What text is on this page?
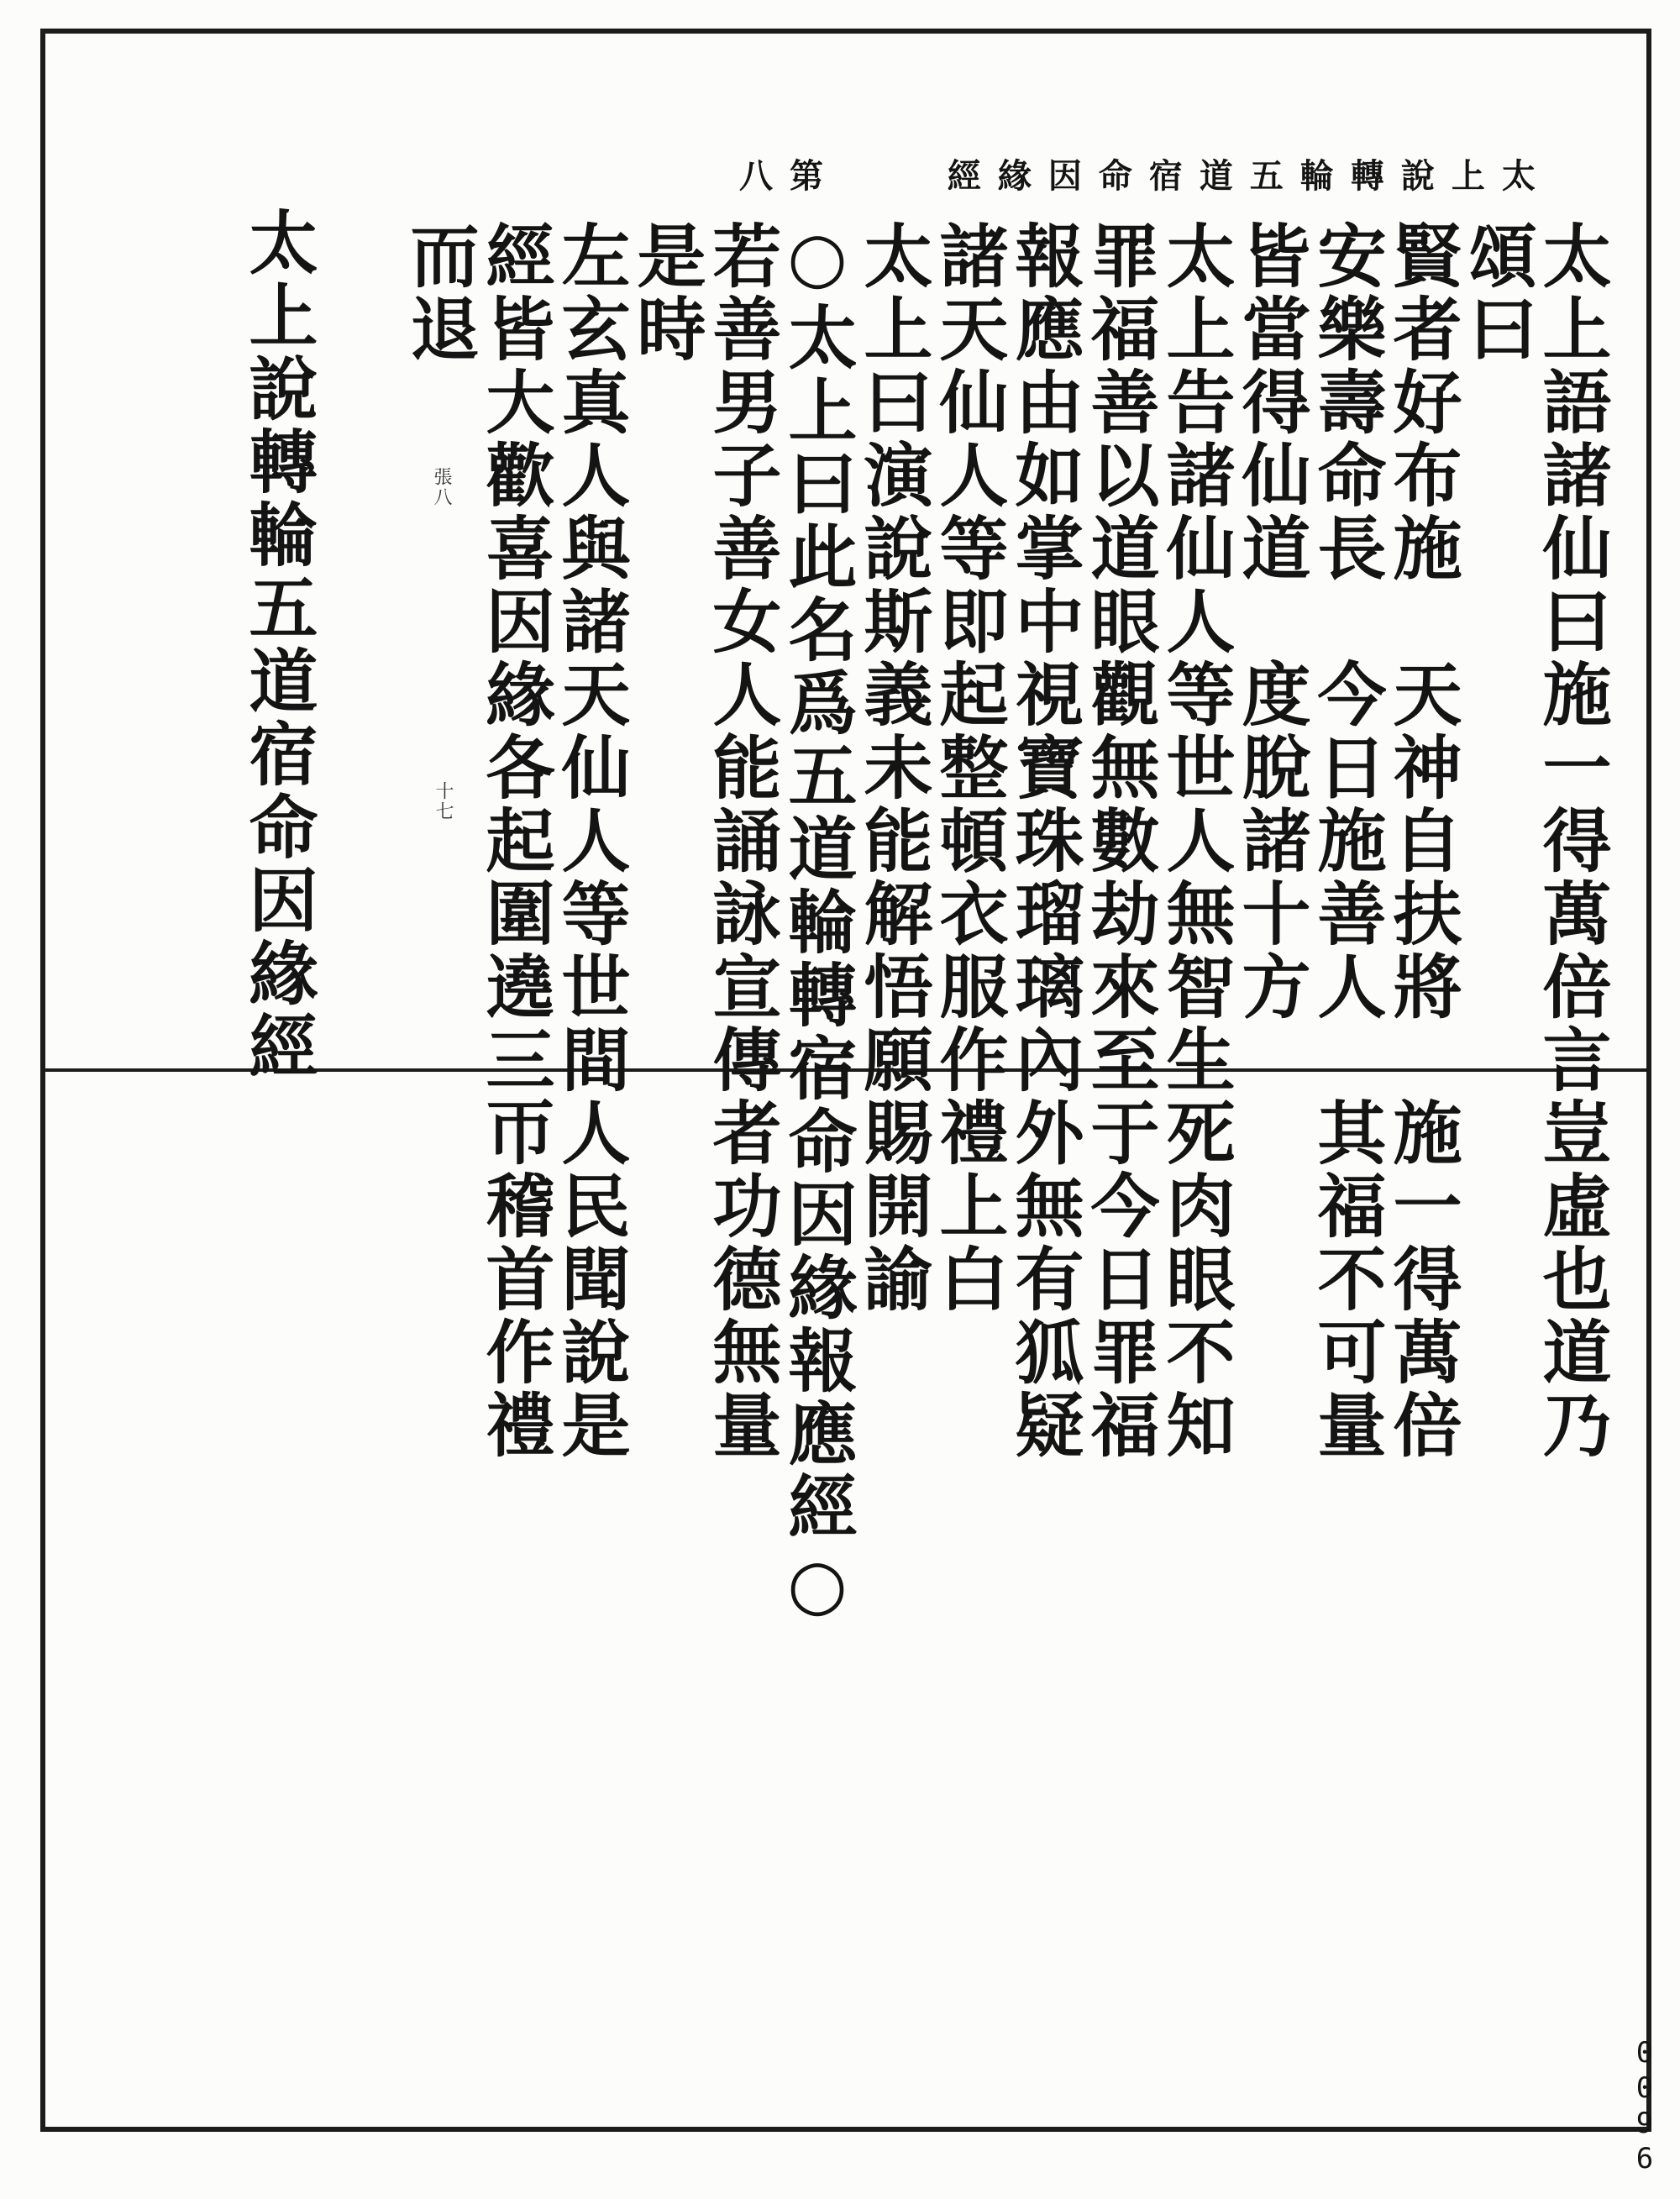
太上說轉輪五道宿命因緣經  第八
太上語諸仙曰施一得萬倍言豈虛也道乃
頌曰
賢者好布施　天神自扶將　施一得萬倍
安樂壽命長　今日施善人　其福不可量
皆當得仙道　度脫諸十方
太上告諸仙人等世人無智生死肉眼不知
罪福善以道眼觀無數劫來至于今日罪福
報應由如掌中視寶珠瑠璃內外無有狐疑
諸天仙人等即起整頓衣服作禮上白
太上曰演說斯義未能解悟願賜開諭
○太上曰此名爲五道輪轉宿命因緣報應經○
若善男子善女人能誦詠宣傳者功德無量
是時
左玄真人與諸天仙人等世間人民聞說是
經皆大歡喜因緣各起圍遶三帀稽首作禮
而退
太上說轉輪五道宿命因緣經	張八
十七
0096
